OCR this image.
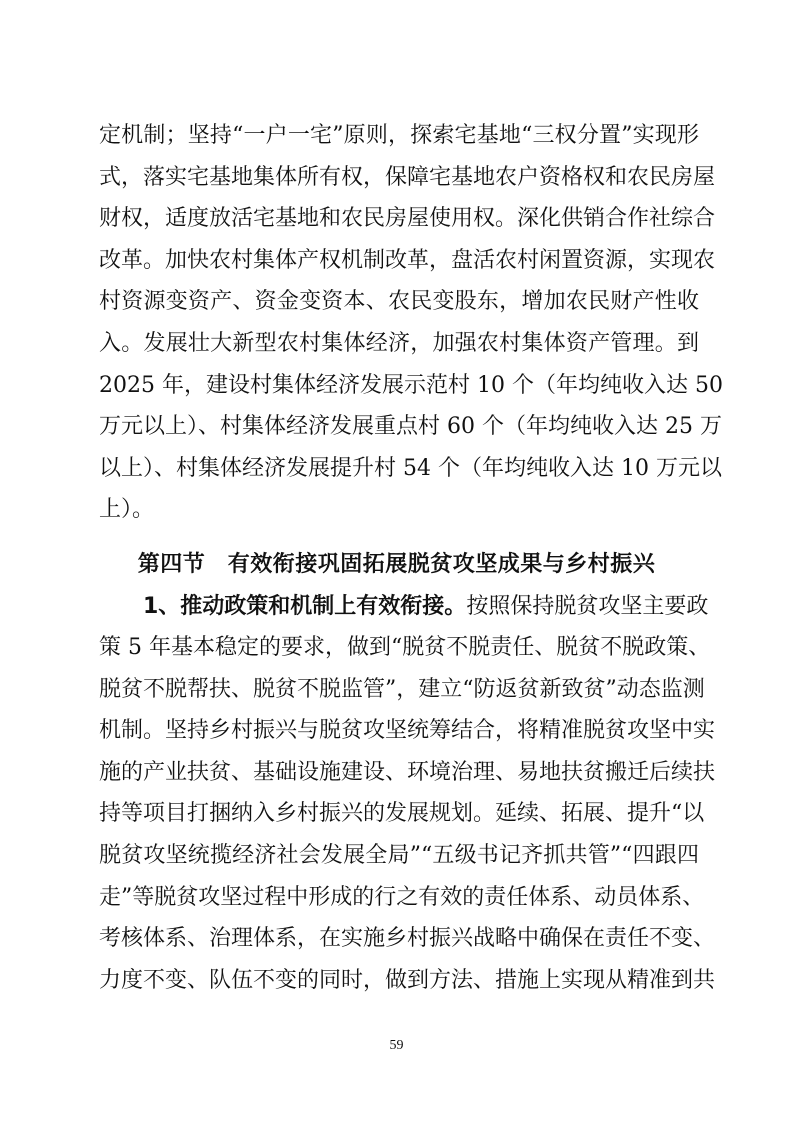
定机制；坚持“一户一宅”原则，探索宅基地“三权分置”实现形
式，落实宅基地集体所有权，保障宅基地农户资格权和农民房屋
财权，适度放活宅基地和农民房屋使用权。深化供销合作社综合
改革。加快农村集体产权机制改革，盘活农村闲置资源，实现农
村资源变资产、资金变资本、农民变股东，增加农民财产性收
入。发展壮大新型农村集体经济，加强农村集体资产管理。到
2025 年，建设村集体经济发展示范村 10 个（年均纯收入达 50
万元以上）、村集体经济发展重点村 60 个（年均纯收入达 25 万
以上）、村集体经济发展提升村 54 个（年均纯收入达 10 万元以
上）。
第四节　有效衔接巩固拓展脱贫攻坚成果与乡村振兴
1、推动政策和机制上有效衔接。按照保持脱贫攻坚主要政
策 5 年基本稳定的要求，做到“脱贫不脱责任、脱贫不脱政策、
脱贫不脱帮扶、脱贫不脱监管”，建立“防返贫新致贫”动态监测
机制。坚持乡村振兴与脱贫攻坚统筹结合，将精准脱贫攻坚中实
施的产业扶贫、基础设施建设、环境治理、易地扶贫搬迁后续扶
持等项目打捆纳入乡村振兴的发展规划。延续、拓展、提升“以
脱贫攻坚统揽经济社会发展全局”“五级书记齐抓共管”“四跟四
走”等脱贫攻坚过程中形成的行之有效的责任体系、动员体系、
考核体系、治理体系，在实施乡村振兴战略中确保在责任不变、
力度不变、队伍不变的同时，做到方法、措施上实现从精准到共
59
